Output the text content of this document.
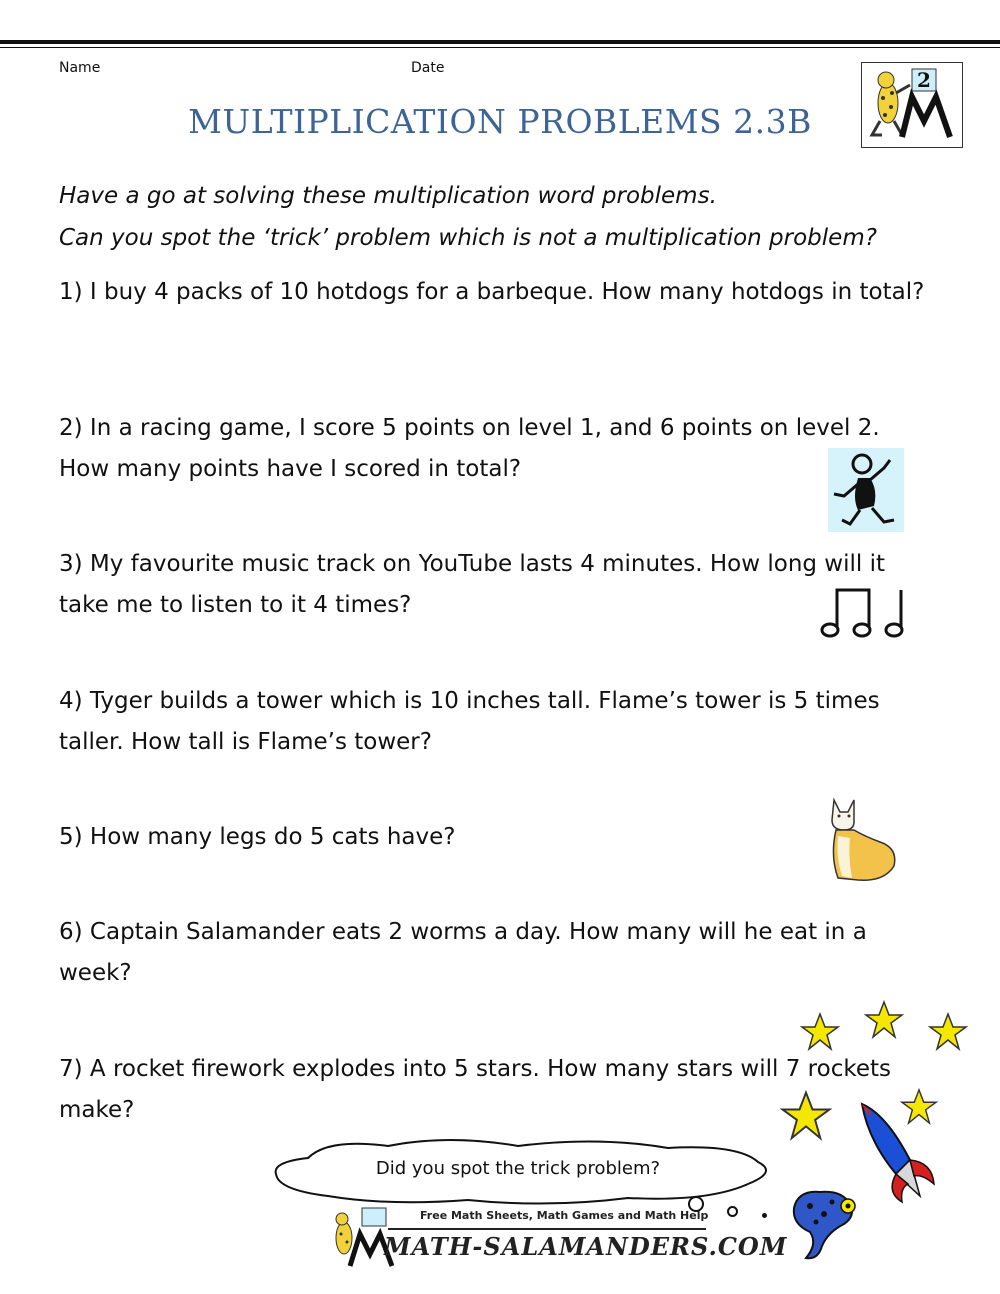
Name	Date
MULTIPLICATION PROBLEMS 2.3B
2
Have a go at solving these multiplication word problems.
Can you spot the ‘trick’ problem which is not a multiplication problem?
1) I buy 4 packs of 10 hotdogs for a barbeque. How many hotdogs in total?
2) In a racing game, I score 5 points on level 1, and 6 points on level 2. How many points have I scored in total?
3) My favourite music track on YouTube lasts 4 minutes. How long will it take me to listen to it 4 times?
4) Tyger builds a tower which is 10 inches tall. Flame’s tower is 5 times taller. How tall is Flame’s tower?
5) How many legs do 5 cats have?
6) Captain Salamander eats 2 worms a day. How many will he eat in a week?
7) A rocket firework explodes into 5 stars. How many stars will 7 rockets make?
Did you spot the trick problem?
Free Math Sheets, Math Games and Math Help
MATH-SALAMANDERS.COM
